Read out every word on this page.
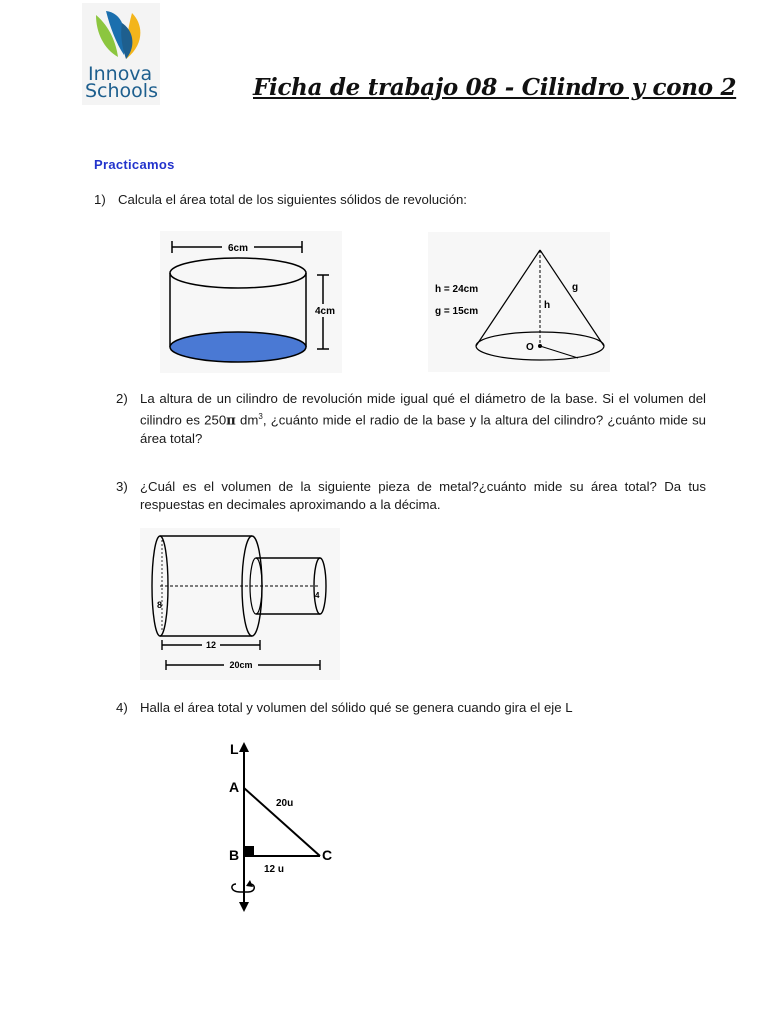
Innova
Schools	Ficha de trabajo 08 - Cilindro y cono 2
Practicamos
1) Calcula el área total de los siguientes sólidos de revolución:
6cm
4cm
h = 24cm
g = 15cm
g
h
O
2) La altura de un cilindro de revolución mide igual qué el diámetro de la base. Si el volumen del cilindro es 250π $dm^3$, ¿cuánto mide el radio de la base y la altura del cilindro? ¿cuánto mide su área total?
3) ¿Cuál es el volumen de la siguiente pieza de metal?¿cuánto mide su área total? Da tus respuestas en decimales aproximando a la décima.
8
4
12
20cm
4) Halla el área total y volumen del sólido qué se genera cuando gira el eje L
L
A
B	C
20u
12 u
